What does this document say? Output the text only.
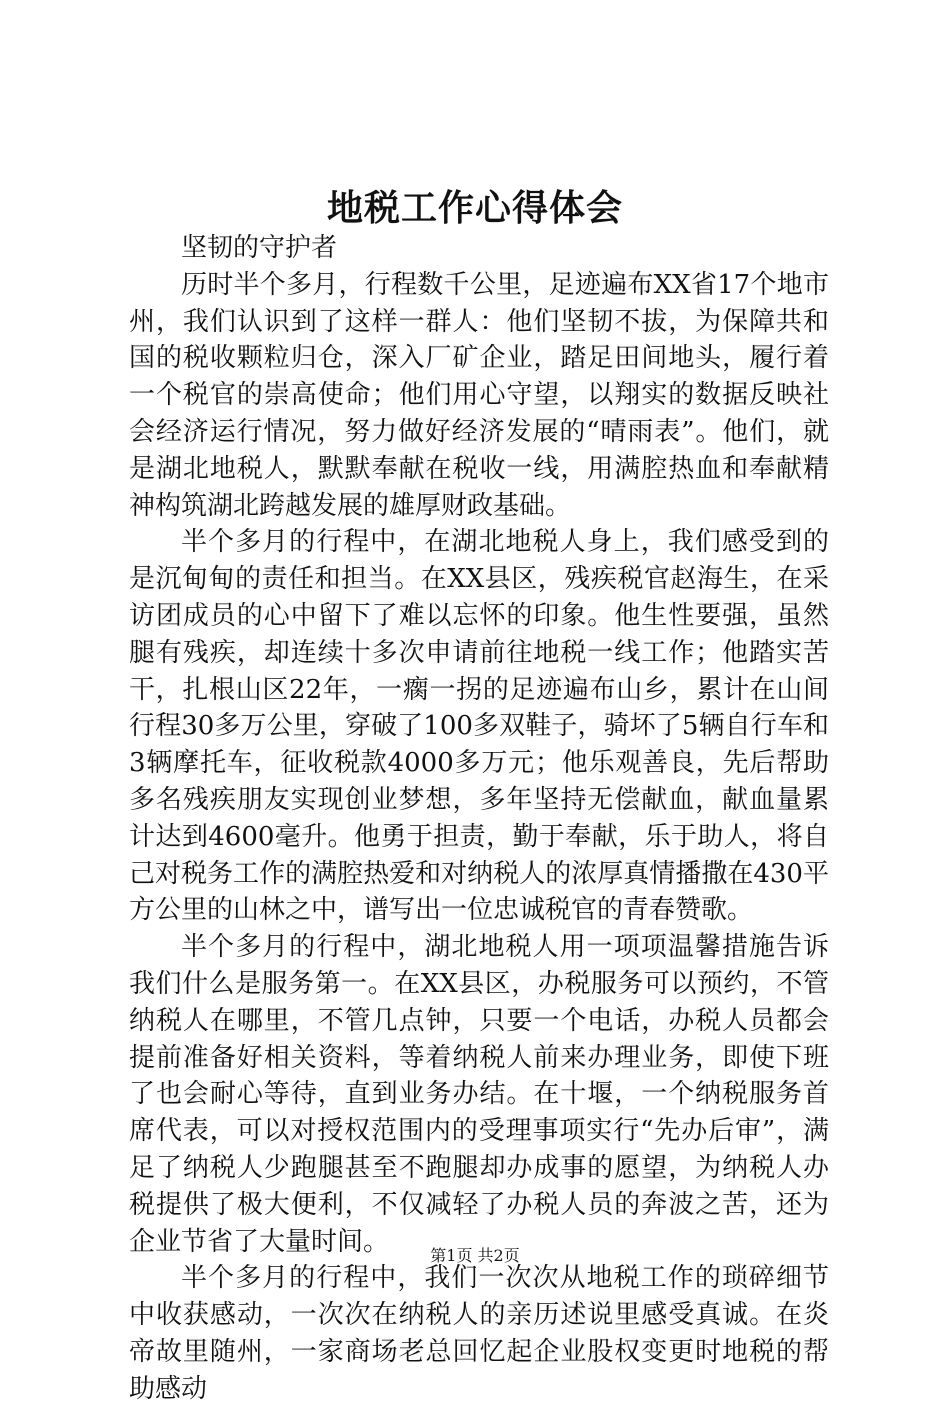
地税工作心得体会

坚韧的守护者

历时半个多月，行程数千公里，足迹遍布XX省17个地市州，我们认识到了这样一群人：他们坚韧不拔，为保障共和国的税收颗粒归仓，深入厂矿企业，踏足田间地头，履行着一个税官的崇高使命；他们用心守望，以翔实的数据反映社会经济运行情况，努力做好经济发展的“晴雨表”。他们，就是湖北地税人，默默奉献在税收一线，用满腔热血和奉献精神构筑湖北跨越发展的雄厚财政基础。

半个多月的行程中，在湖北地税人身上，我们感受到的是沉甸甸的责任和担当。在XX县区，残疾税官赵海生，在采访团成员的心中留下了难以忘怀的印象。他生性要强，虽然腿有残疾，却连续十多次申请前往地税一线工作；他踏实苦干，扎根山区22年，一瘸一拐的足迹遍布山乡，累计在山间行程30多万公里，穿破了100多双鞋子，骑坏了5辆自行车和3辆摩托车，征收税款4000多万元；他乐观善良，先后帮助多名残疾朋友实现创业梦想，多年坚持无偿献血，献血量累计达到4600毫升。他勇于担责，勤于奉献，乐于助人，将自己对税务工作的满腔热爱和对纳税人的浓厚真情播撒在430平方公里的山林之中，谱写出一位忠诚税官的青春赞歌。

半个多月的行程中，湖北地税人用一项项温馨措施告诉我们什么是服务第一。在XX县区，办税服务可以预约，不管纳税人在哪里，不管几点钟，只要一个电话，办税人员都会提前准备好相关资料，等着纳税人前来办理业务，即使下班了也会耐心等待，直到业务办结。在十堰，一个纳税服务首席代表，可以对授权范围内的受理事项实行“先办后审”，满足了纳税人少跑腿甚至不跑腿却办成事的愿望，为纳税人办税提供了极大便利，不仅减轻了办税人员的奔波之苦，还为企业节省了大量时间。

半个多月的行程中，我们一次次从地税工作的琐碎细节中收获感动，一次次在纳税人的亲历述说里感受真诚。在炎帝故里随州，一家商场老总回忆起企业股权变更时地税的帮助感动

第1页 共2页
